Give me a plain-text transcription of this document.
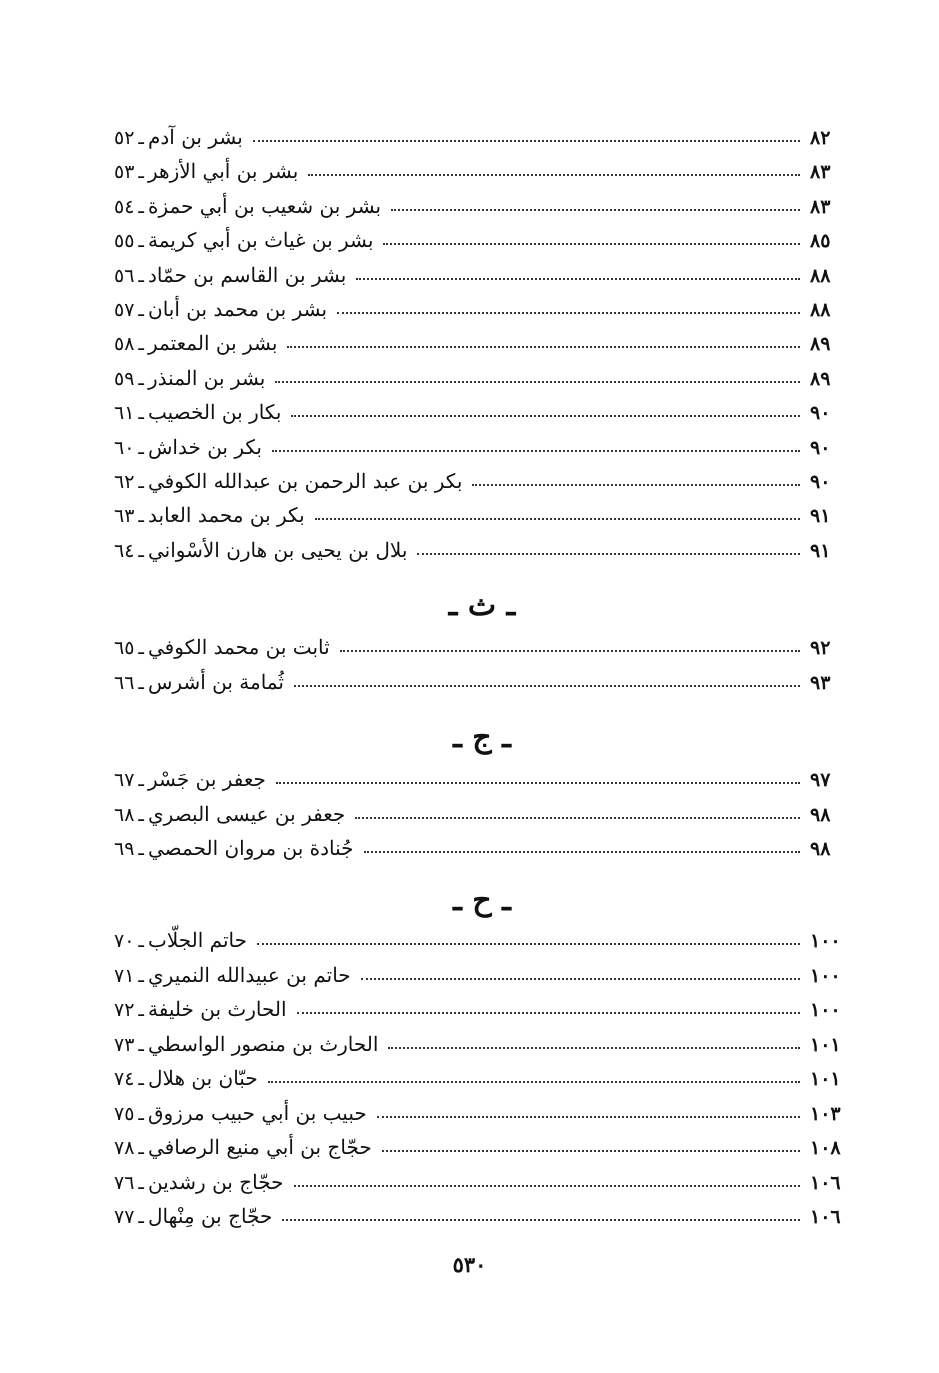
ـ ث ـ
ـ ج ـ
ـ ح ـ
٥٢ ـ بشر بن آدم	٨٢
٥٣ ـ بشر بن أبي الأزهر	٨٣
٥٤ ـ بشر بن شعيب بن أبي حمزة	٨٣
٥٥ ـ بشر بن غياث بن أبي كريمة	٨٥
٥٦ ـ بشر بن القاسم بن حمّاد	٨٨
٥٧ ـ بشر بن محمد بن أبان	٨٨
٥٨ ـ بشر بن المعتمر	٨٩
٥٩ ـ بشر بن المنذر	٨٩
٦١ ـ بكار بن الخصيب	٩٠
٦٠ ـ بكر بن خداش	٩٠
٦٢ ـ بكر بن عبد الرحمن بن عبدالله الكوفي	٩٠
٦٣ ـ بكر بن محمد العابد	٩١
٦٤ ـ بلال بن يحيى بن هارن الأسْواني	٩١
٦٥ ـ ثابت بن محمد الكوفي	٩٢
٦٦ ـ ثُمامة بن أشرس	٩٣
٦٧ ـ جعفر بن جَسْر	٩٧
٦٨ ـ جعفر بن عيسى البصري	٩٨
٦٩ ـ جُنادة بن مروان الحمصي	٩٨
٧٠ ـ حاتم الجلّاب	١٠٠
٧١ ـ حاتم بن عبيدالله النميري	١٠٠
٧٢ ـ الحارث بن خليفة	١٠٠
٧٣ ـ الحارث بن منصور الواسطي	١٠١
٧٤ ـ حبّان بن هلال	١٠١
٧٥ ـ حبيب بن أبي حبيب مرزوق	١٠٣
٧٨ ـ حجّاج بن أبي منيع الرصافي	١٠٨
٧٦ ـ حجّاج بن رشدين	١٠٦
٧٧ ـ حجّاج بن مِنْهال	١٠٦
٥٣٠
